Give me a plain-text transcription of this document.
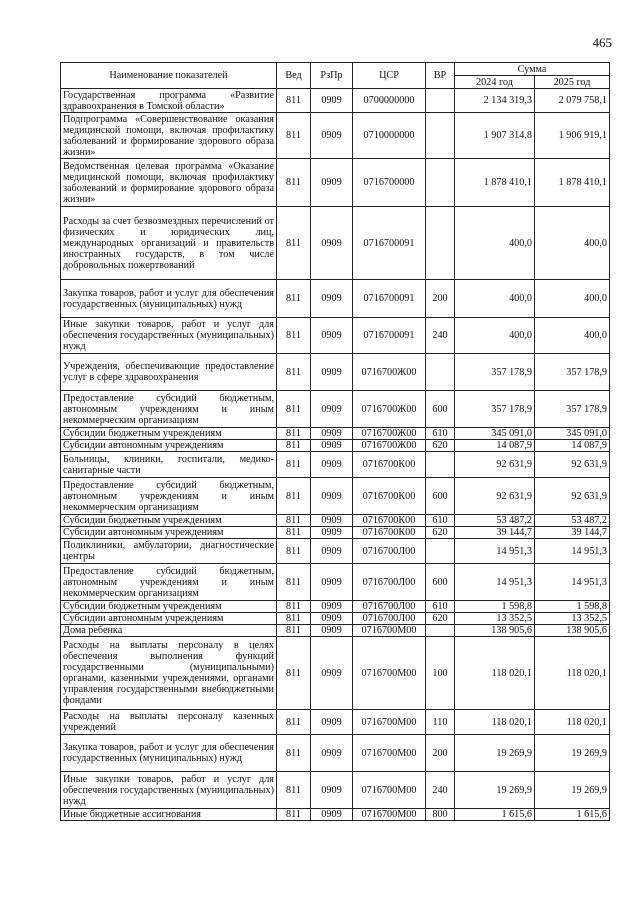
465
Наименование показателей	Вед	РзПр	ЦСР	ВР	Сумма	
					2024 год	2025 год
Государственная программа «Развитие здравоохранения в Томской области»	811	0909	0700000000		2 134 319,3	2 079 758,1
Подпрограмма «Совершенствование оказания медицинской помощи, включая профилактику заболеваний и формирование здорового образа жизни»	811	0909	0710000000		1 907 314,8	1 906 919,1
Ведомственная целевая программа «Оказание медицинской помощи, включая профилактику заболеваний и формирование здорового образа жизни»	811	0909	0716700000		1 878 410,1	1 878 410,1
Расходы за счет безвозмездных перечислений от физических и юридических лиц, международных организаций и правительств иностранных государств, в том числе добровольных пожертвований	811	0909	0716700091		400,0	400,0
Закупка товаров, работ и услуг для обеспечения государственных (муниципальных) нужд	811	0909	0716700091	200	400,0	400,0
Иные закупки товаров, работ и услуг для обеспечения государственных (муниципальных) нужд	811	0909	0716700091	240	400,0	400,0
Учреждения, обеспечивающие предоставление услуг в сфере здравоохранения	811	0909	0716700Ж00		357 178,9	357 178,9
Предоставление субсидий бюджетным, автономным учреждениям и иным некоммерческим организациям	811	0909	0716700Ж00	600	357 178,9	357 178,9
Субсидии бюджетным учреждениям	811	0909	0716700Ж00	610	345 091,0	345 091,0
Субсидии автономным учреждениям	811	0909	0716700Ж00	620	14 087,9	14 087,9
Больницы, клиники, госпитали, медико-санитарные части	811	0909	0716700К00		92 631,9	92 631,9
Предоставление субсидий бюджетным, автономным учреждениям и иным некоммерческим организациям	811	0909	0716700К00	600	92 631,9	92 631,9
Субсидии бюджетным учреждениям	811	0909	0716700К00	610	53 487,2	53 487,2
Субсидии автономным учреждениям	811	0909	0716700К00	620	39 144,7	39 144,7
Поликлиники, амбулатории, диагностические центры	811	0909	0716700Л00		14 951,3	14 951,3
Предоставление субсидий бюджетным, автономным учреждениям и иным некоммерческим организациям	811	0909	0716700Л00	600	14 951,3	14 951,3
Субсидии бюджетным учреждениям	811	0909	0716700Л00	610	1 598,8	1 598,8
Субсидии автономным учреждениям	811	0909	0716700Л00	620	13 352,5	13 352,5
Дома ребенка	811	0909	0716700М00		138 905,6	138 905,6
Расходы на выплаты персоналу в целях обеспечения выполнения функций государственными (муниципальными) органами, казенными учреждениями, органами управления государственными внебюджетными фондами	811	0909	0716700М00	100	118 020,1	118 020,1
Расходы на выплаты персоналу казенных учреждений	811	0909	0716700М00	110	118 020,1	118 020,1
Закупка товаров, работ и услуг для обеспечения государственных (муниципальных) нужд	811	0909	0716700М00	200	19 269,9	19 269,9
Иные закупки товаров, работ и услуг для обеспечения государственных (муниципальных) нужд	811	0909	0716700М00	240	19 269,9	19 269,9
Иные бюджетные ассигнования	811	0909	0716700М00	800	1 615,6	1 615,6
